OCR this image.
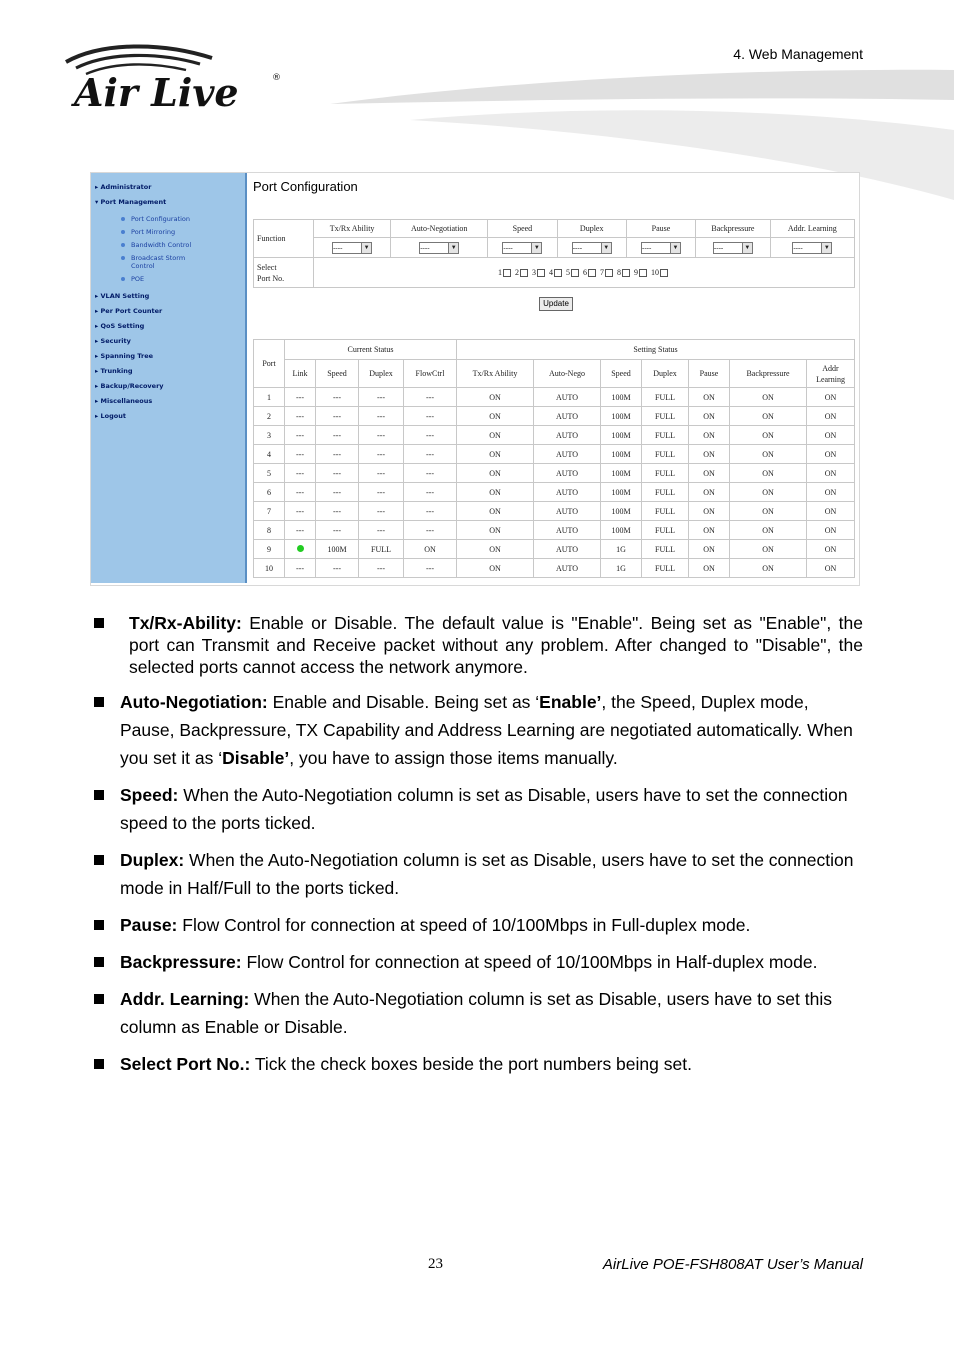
4. Web Management
Air Live	®
▸ Administrator
▾ Port Management
Port Configuration
Port Mirroring
Bandwidth Control
Broadcast Storm
Control
POE
▸ VLAN Setting
▸ Per Port Counter
▸ QoS Setting
▸ Security
▸ Spanning Tree
▸ Trunking
▸ Backup/Recovery
▸ Miscellaneous
▸ Logout
Port Configuration
Function	Tx/Rx Ability	Auto-Negotiation	Speed	Duplex	Pause	Backpressure	Addr. Learning
	---- ▼	---- ▼	---- ▼	---- ▼	---- ▼	---- ▼	---- ▼

Select
Port No.	1 2 3 4 5 6 7 8 9 10						
Update
Port	Current Status				Setting Status						
	Link	Speed	Duplex	FlowCtrl	Tx/Rx Ability	Auto-Nego	Speed	Duplex	Pause	Backpressure	Addr
Learning
1	---	---	---	---	ON	AUTO	100M	FULL	ON	ON	ON
2	---	---	---	---	ON	AUTO	100M	FULL	ON	ON	ON
3	---	---	---	---	ON	AUTO	100M	FULL	ON	ON	ON
4	---	---	---	---	ON	AUTO	100M	FULL	ON	ON	ON
5	---	---	---	---	ON	AUTO	100M	FULL	ON	ON	ON
6	---	---	---	---	ON	AUTO	100M	FULL	ON	ON	ON
7	---	---	---	---	ON	AUTO	100M	FULL	ON	ON	ON
8	---	---	---	---	ON	AUTO	100M	FULL	ON	ON	ON
9		100M	FULL	ON	ON	AUTO	1G	FULL	ON	ON	ON
10	---	---	---	---	ON	AUTO	1G	FULL	ON	ON	ON
Tx/Rx-Ability: Enable or Disable. The default value is "Enable". Being set as "Enable", the port can Transmit and Receive packet without any problem. After changed to "Disable", the selected ports cannot access the network anymore.
Auto-Negotiation: Enable and Disable. Being set as ‘Enable’, the Speed, Duplex mode, Pause, Backpressure, TX Capability and Address Learning are negotiated automatically. When you set it as ‘Disable’, you have to assign those items manually.
Speed: When the Auto-Negotiation column is set as Disable, users have to set the connection speed to the ports ticked.
Duplex: When the Auto-Negotiation column is set as Disable, users have to set the connection mode in Half/Full to the ports ticked.
Pause: Flow Control for connection at speed of 10/100Mbps in Full-duplex mode.
Backpressure: Flow Control for connection at speed of 10/100Mbps in Half-duplex mode.
Addr. Learning: When the Auto-Negotiation column is set as Disable, users have to set this column as Enable or Disable.
Select Port No.: Tick the check boxes beside the port numbers being set.
23	AirLive POE-FSH808AT User’s Manual
